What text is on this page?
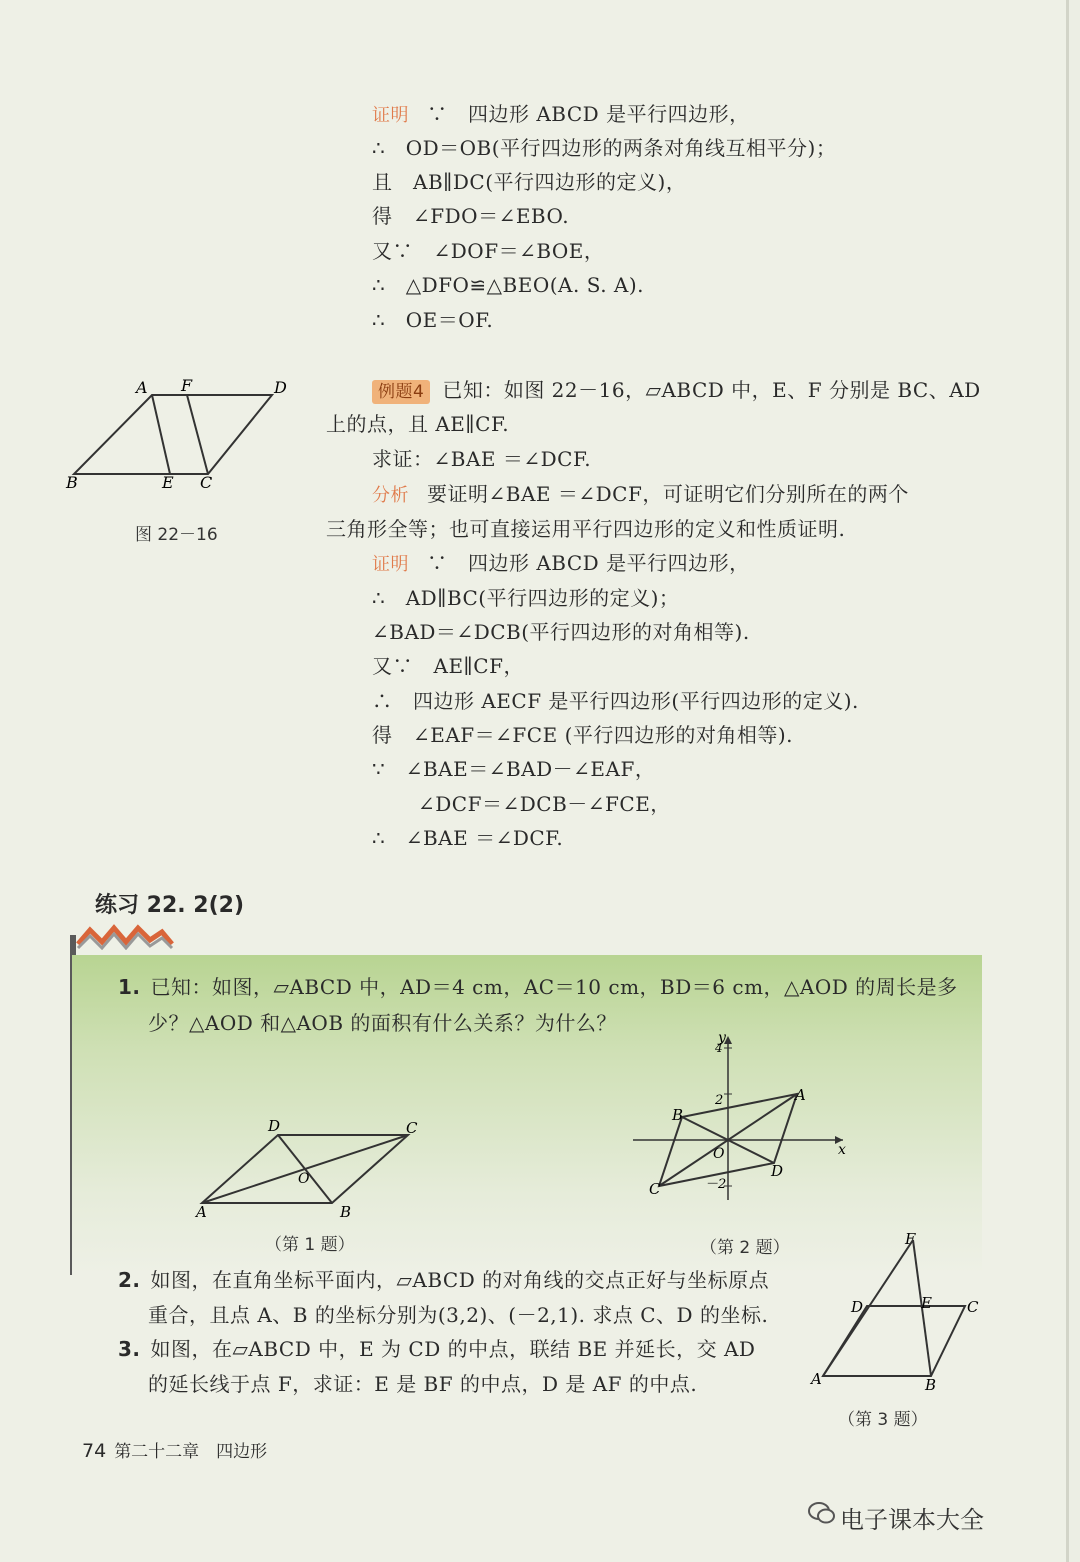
证明 ∵　四边形 ABCD 是平行四边形，
∴　OD＝OB(平行四边形的两条对角线互相平分)；
且　AB∥DC(平行四边形的定义)，
得　∠FDO＝∠EBO.
又∵　∠DOF＝∠BOE，
∴　△DFO≌△BEO(A. S. A).
∴　OE＝OF.
A F	D
B	E C
图 22－16
例题4 已知：如图 22－16，▱ABCD 中，E、F 分别是 BC、AD
上的点，且 AE∥CF.
求证：∠BAE ＝∠DCF.
分析 要证明∠BAE ＝∠DCF，可证明它们分别所在的两个
三角形全等；也可直接运用平行四边形的定义和性质证明.
证明 ∵　四边形 ABCD 是平行四边形，
∴　AD∥BC(平行四边形的定义)；
∠BAD＝∠DCB(平行四边形的对角相等).
又∵　AE∥CF，
∴　四边形 AECF 是平行四边形(平行四边形的定义).
得　∠EAF＝∠FCE (平行四边形的对角相等).
∵　∠BAE＝∠BAD－∠EAF，
∠DCF＝∠DCB－∠FCE，
∴　∠BAE ＝∠DCF.
练习 22. 2(2)
1. 已知：如图，▱ABCD 中，AD＝4 cm，AC＝10 cm，BD＝6 cm，△AOD 的周长是多
少？△AOD 和△AOB 的面积有什么关系？为什么？
D	C
O
A	B
（第 1 题）
y
4
2
－2
x
A
B
C
D
O
（第 2 题）
2. 如图，在直角坐标平面内，▱ABCD 的对角线的交点正好与坐标原点
重合，且点 A、B 的坐标分别为(3,2)、(－2,1). 求点 C、D 的坐标.
3. 如图，在▱ABCD 中，E 为 CD 的中点，联结 BE 并延长，交 AD
的延长线于点 F，求证：E 是 BF 的中点，D 是 AF 的中点.
F
D	E C
A	B
（第 3 题）
74 第二十二章　四边形
电子课本大全
